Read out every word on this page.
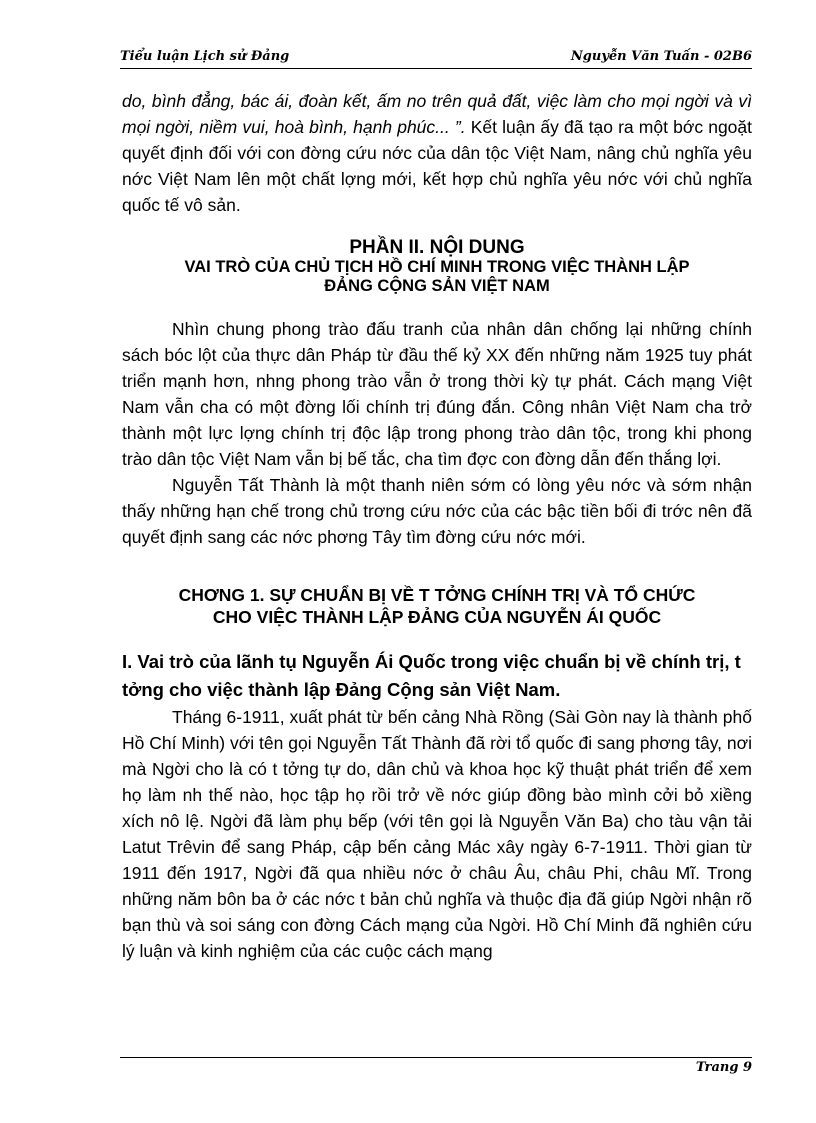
Tiểu luận Lịch sử Đảng	Nguyễn Văn Tuấn - 02B6

do, bình đẳng, bác ái, đoàn kết, ấm no trên quả đất, việc làm cho mọi ngời và vì mọi ngời, niềm vui, hoà bình, hạnh phúc... ”. Kết luận ấy đã tạo ra một bớc ngoặt quyết định đối với con đờng cứu nớc của dân tộc Việt Nam, nâng chủ nghĩa yêu nớc Việt Nam lên một chất lợng mới, kết hợp chủ nghĩa yêu nớc với chủ nghĩa quốc tế vô sản.

PHẦN II. NỘI DUNG
VAI TRÒ CỦA CHỦ TỊCH HỒ CHÍ MINH TRONG VIỆC THÀNH LẬP
ĐẢNG CỘNG SẢN VIỆT NAM

Nhìn chung phong trào đấu tranh của nhân dân chống lại những chính sách bóc lột của thực dân Pháp từ đầu thế kỷ XX đến những năm 1925 tuy phát triển mạnh hơn, nhng phong trào vẫn ở trong thời kỳ tự phát. Cách mạng Việt Nam vẫn cha có một đờng lối chính trị đúng đắn. Công nhân Việt Nam cha trở thành một lực lợng chính trị độc lập trong phong trào dân tộc, trong khi phong trào dân tộc Việt Nam vẫn bị bế tắc, cha tìm đợc con đờng dẫn đến thắng lợi.

Nguyễn Tất Thành là một thanh niên sớm có lòng yêu nớc và sớm nhận thấy những hạn chế trong chủ trơng cứu nớc của các bậc tiền bối đi trớc nên đã quyết định sang các nớc phơng Tây tìm đờng cứu nớc mới.

CHƠNG 1. SỰ CHUẨN BỊ VỀ T TỞNG CHÍNH TRỊ VÀ TỔ CHỨC
CHO VIỆC THÀNH LẬP ĐẢNG CỦA NGUYỄN ÁI QUỐC
I. Vai trò của lãnh tụ Nguyễn Ái Quốc trong việc chuẩn bị về chính trị, t tởng cho việc thành lập Đảng Cộng sản Việt Nam.

Tháng 6-1911, xuất phát từ bến cảng Nhà Rồng (Sài Gòn nay là thành phố Hồ Chí Minh) với tên gọi Nguyễn Tất Thành đã rời tổ quốc đi sang phơng tây, nơi mà Ngời cho là có t tởng tự do, dân chủ và khoa học kỹ thuật phát triển để xem họ làm nh thế nào, học tập họ rồi trở về nớc giúp đồng bào mình cởi bỏ xiềng xích nô lệ. Ngời đã làm phụ bếp (với tên gọi là Nguyễn Văn Ba) cho tàu vận tải Latut Trêvin để sang Pháp, cập bến cảng Mác xây ngày 6-7-1911. Thời gian từ 1911 đến 1917, Ngời đã qua nhiều nớc ở châu Âu, châu Phi, châu Mĩ. Trong những năm bôn ba ở các nớc t bản chủ nghĩa và thuộc địa đã giúp Ngời nhận rõ bạn thù và soi sáng con đờng Cách mạng của Ngời. Hồ Chí Minh đã nghiên cứu lý luận và kinh nghiệm của các cuộc cách mạng

Trang 9
